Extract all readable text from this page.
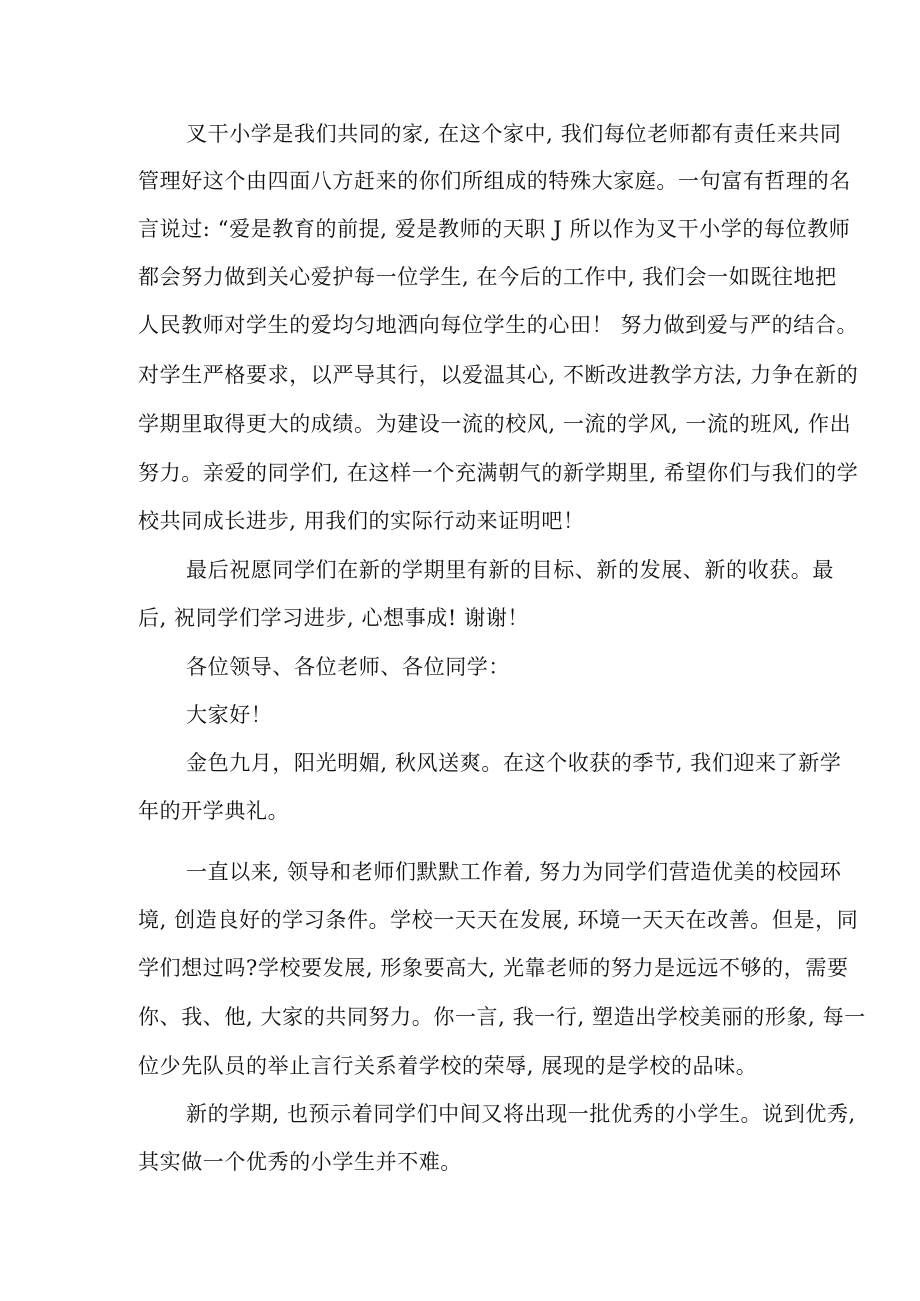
叉干小学是我们共同的家, 在这个家中, 我们每位老师都有责任来共同

管理好这个由四面八方赶来的你们所组成的特殊大家庭。一句富有哲理的名

言说过: “爱是教育的前提, 爱是教师的天职 J 所以作为叉干小学的每位教师

都会努力做到关心爱护每一位学生, 在今后的工作中, 我们会一如既往地把

人民教师对学生的爱均匀地洒向每位学生的心田！ 努力做到爱与严的结合。

对学生严格要求，以严导其行，以爱温其心, 不断改进教学方法, 力争在新的

学期里取得更大的成绩。为建设一流的校风, 一流的学风, 一流的班风, 作出

努力。亲爱的同学们, 在这样一个充满朝气的新学期里, 希望你们与我们的学

校共同成长进步, 用我们的实际行动来证明吧！

最后祝愿同学们在新的学期里有新的目标、新的发展、新的收获。最

后, 祝同学们学习进步, 心想事成! 谢谢！

各位领导、各位老师、各位同学：

大家好！

金色九月，阳光明媚, 秋风送爽。在这个收获的季节, 我们迎来了新学

年的开学典礼。

一直以来, 领导和老师们默默工作着, 努力为同学们营造优美的校园环

境, 创造良好的学习条件。学校一天天在发展, 环境一天天在改善。但是，同

学们想过吗?学校要发展, 形象要高大, 光靠老师的努力是远远不够的，需要

你、我、他, 大家的共同努力。你一言, 我一行, 塑造出学校美丽的形象, 每一

位少先队员的举止言行关系着学校的荣辱, 展现的是学校的品味。

新的学期, 也预示着同学们中间又将出现一批优秀的小学生。说到优秀,

其实做一个优秀的小学生并不难。
